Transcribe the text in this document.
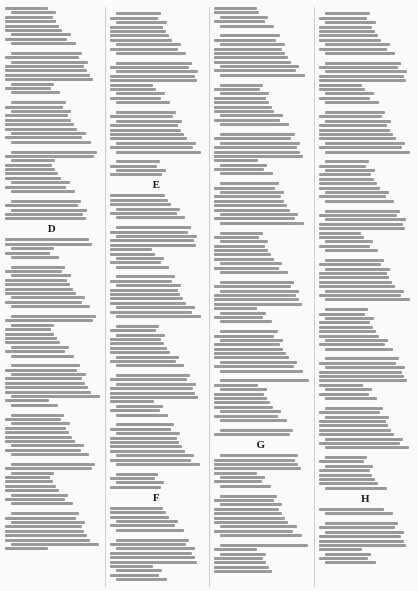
D
E
F
G
H
